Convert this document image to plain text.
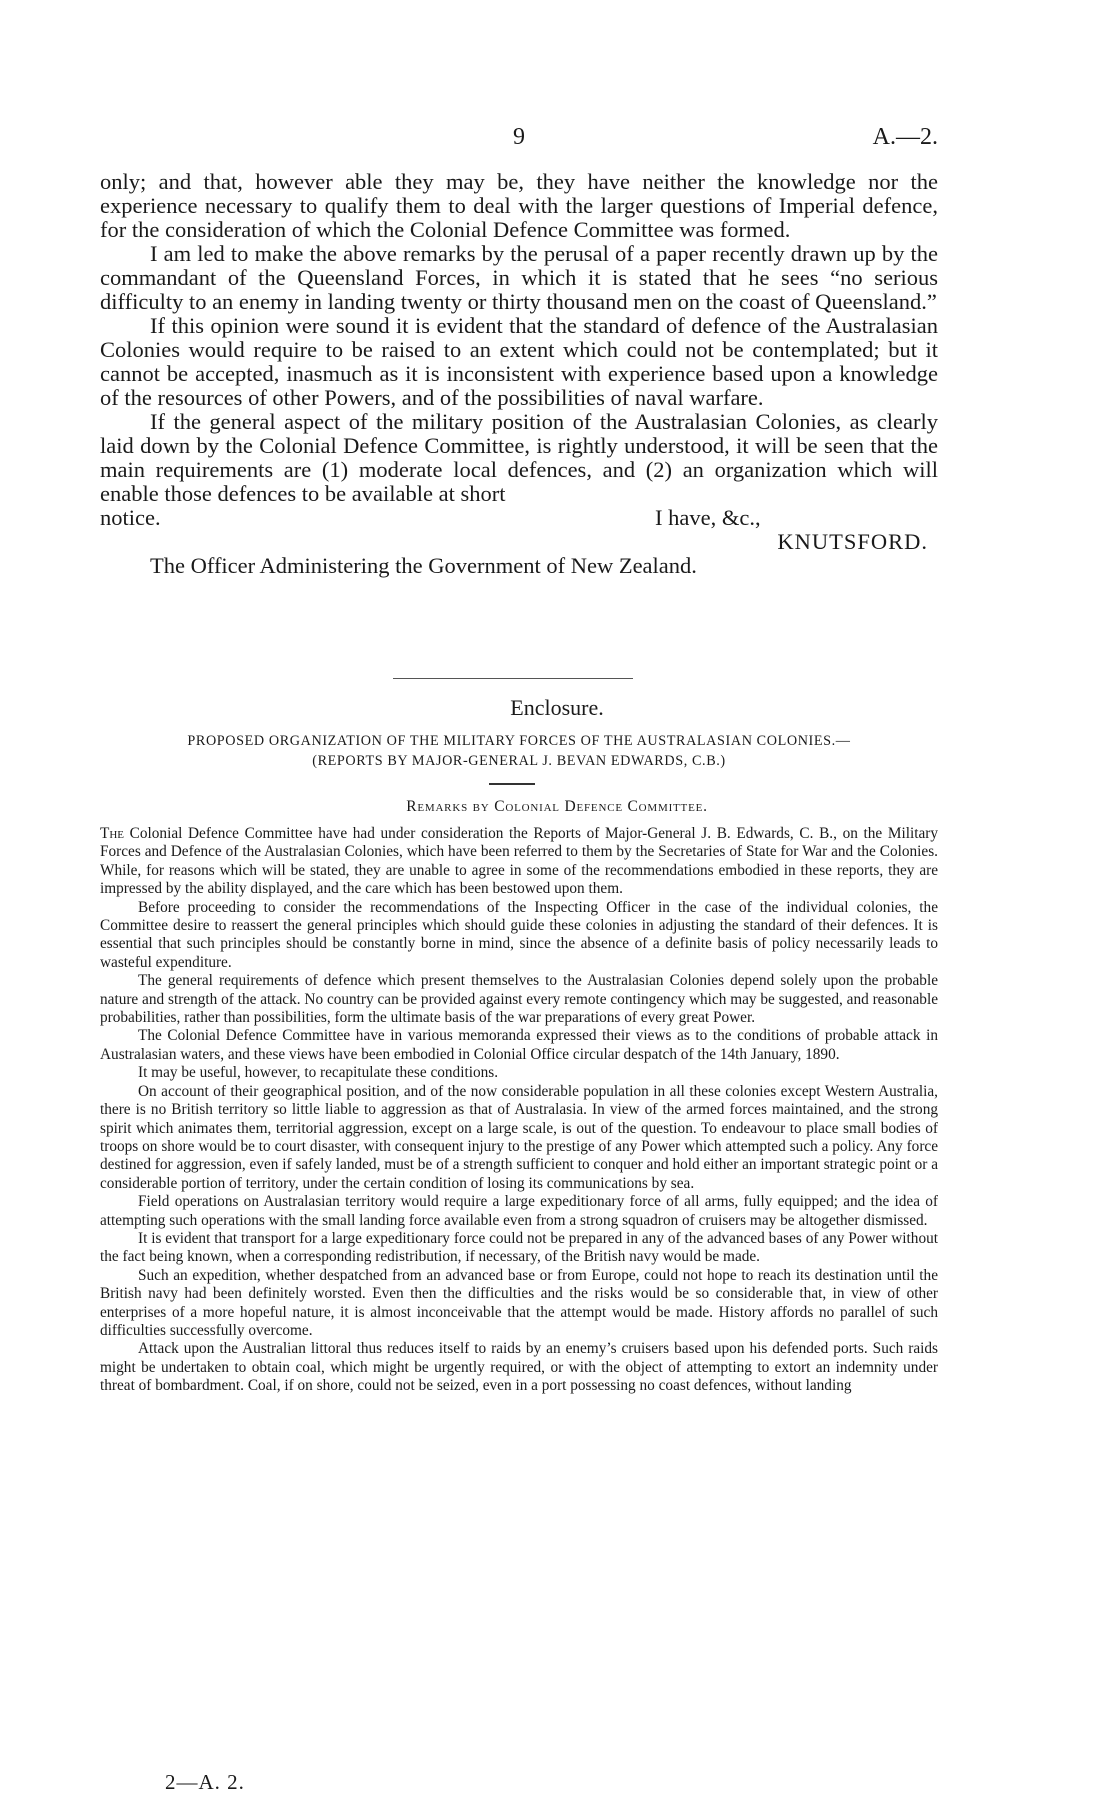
9	A.—2.

only; and that, however able they may be, they have neither the knowledge nor the experience necessary to qualify them to deal with the larger questions of Imperial defence, for the consideration of which the Colonial Defence Committee was formed.

I am led to make the above remarks by the perusal of a paper recently drawn up by the commandant of the Queensland Forces, in which it is stated that he sees “no serious difficulty to an enemy in landing twenty or thirty thousand men on the coast of Queensland.”

If this opinion were sound it is evident that the standard of defence of the Australasian Colonies would require to be raised to an extent which could not be contemplated; but it cannot be accepted, inasmuch as it is inconsistent with experience based upon a knowledge of the resources of other Powers, and of the possibilities of naval warfare.

If the general aspect of the military position of the Australasian Colonies, as clearly laid down by the Colonial Defence Committee, is rightly understood, it will be seen that the main requirements are (1) moderate local defences, and (2) an organization which will enable those defences to be available at short

notice.	I have, &c.,
KNUTSFORD.
The Officer Administering the Government of New Zealand.
Enclosure.
PROPOSED ORGANIZATION OF THE MILITARY FORCES OF THE AUSTRALASIAN COLONIES.—
(REPORTS BY MAJOR-GENERAL J. BEVAN EDWARDS, C.B.)
Remarks by Colonial Defence Committee.

The Colonial Defence Committee have had under consideration the Reports of Major-General J. B. Edwards, C. B., on the Military Forces and Defence of the Australasian Colonies, which have been referred to them by the Secretaries of State for War and the Colonies. While, for reasons which will be stated, they are unable to agree in some of the recommendations embodied in these reports, they are impressed by the ability displayed, and the care which has been bestowed upon them.

Before proceeding to consider the recommendations of the Inspecting Officer in the case of the individual colonies, the Committee desire to reassert the general principles which should guide these colonies in adjusting the standard of their defences. It is essential that such principles should be constantly borne in mind, since the absence of a definite basis of policy necessarily leads to wasteful expenditure.

The general requirements of defence which present themselves to the Australasian Colonies depend solely upon the probable nature and strength of the attack. No country can be provided against every remote contingency which may be suggested, and reasonable probabilities, rather than possibilities, form the ultimate basis of the war preparations of every great Power.

The Colonial Defence Committee have in various memoranda expressed their views as to the conditions of probable attack in Australasian waters, and these views have been embodied in Colonial Office circular despatch of the 14th January, 1890.

It may be useful, however, to recapitulate these conditions.

On account of their geographical position, and of the now considerable population in all these colonies except Western Australia, there is no British territory so little liable to aggression as that of Australasia. In view of the armed forces maintained, and the strong spirit which animates them, territorial aggression, except on a large scale, is out of the question. To endeavour to place small bodies of troops on shore would be to court disaster, with consequent injury to the prestige of any Power which attempted such a policy. Any force destined for aggression, even if safely landed, must be of a strength sufficient to conquer and hold either an important strategic point or a considerable portion of territory, under the certain condition of losing its communications by sea.

Field operations on Australasian territory would require a large expeditionary force of all arms, fully equipped; and the idea of attempting such operations with the small landing force available even from a strong squadron of cruisers may be altogether dismissed.

It is evident that transport for a large expeditionary force could not be prepared in any of the advanced bases of any Power without the fact being known, when a corresponding redistribution, if necessary, of the British navy would be made.

Such an expedition, whether despatched from an advanced base or from Europe, could not hope to reach its destination until the British navy had been definitely worsted. Even then the difficulties and the risks would be so considerable that, in view of other enterprises of a more hopeful nature, it is almost inconceivable that the attempt would be made. History affords no parallel of such difficulties successfully overcome.

Attack upon the Australian littoral thus reduces itself to raids by an enemy’s cruisers based upon his defended ports. Such raids might be undertaken to obtain coal, which might be urgently required, or with the object of attempting to extort an indemnity under threat of bombardment. Coal, if on shore, could not be seized, even in a port possessing no coast defences, without landing

2—A. 2.
